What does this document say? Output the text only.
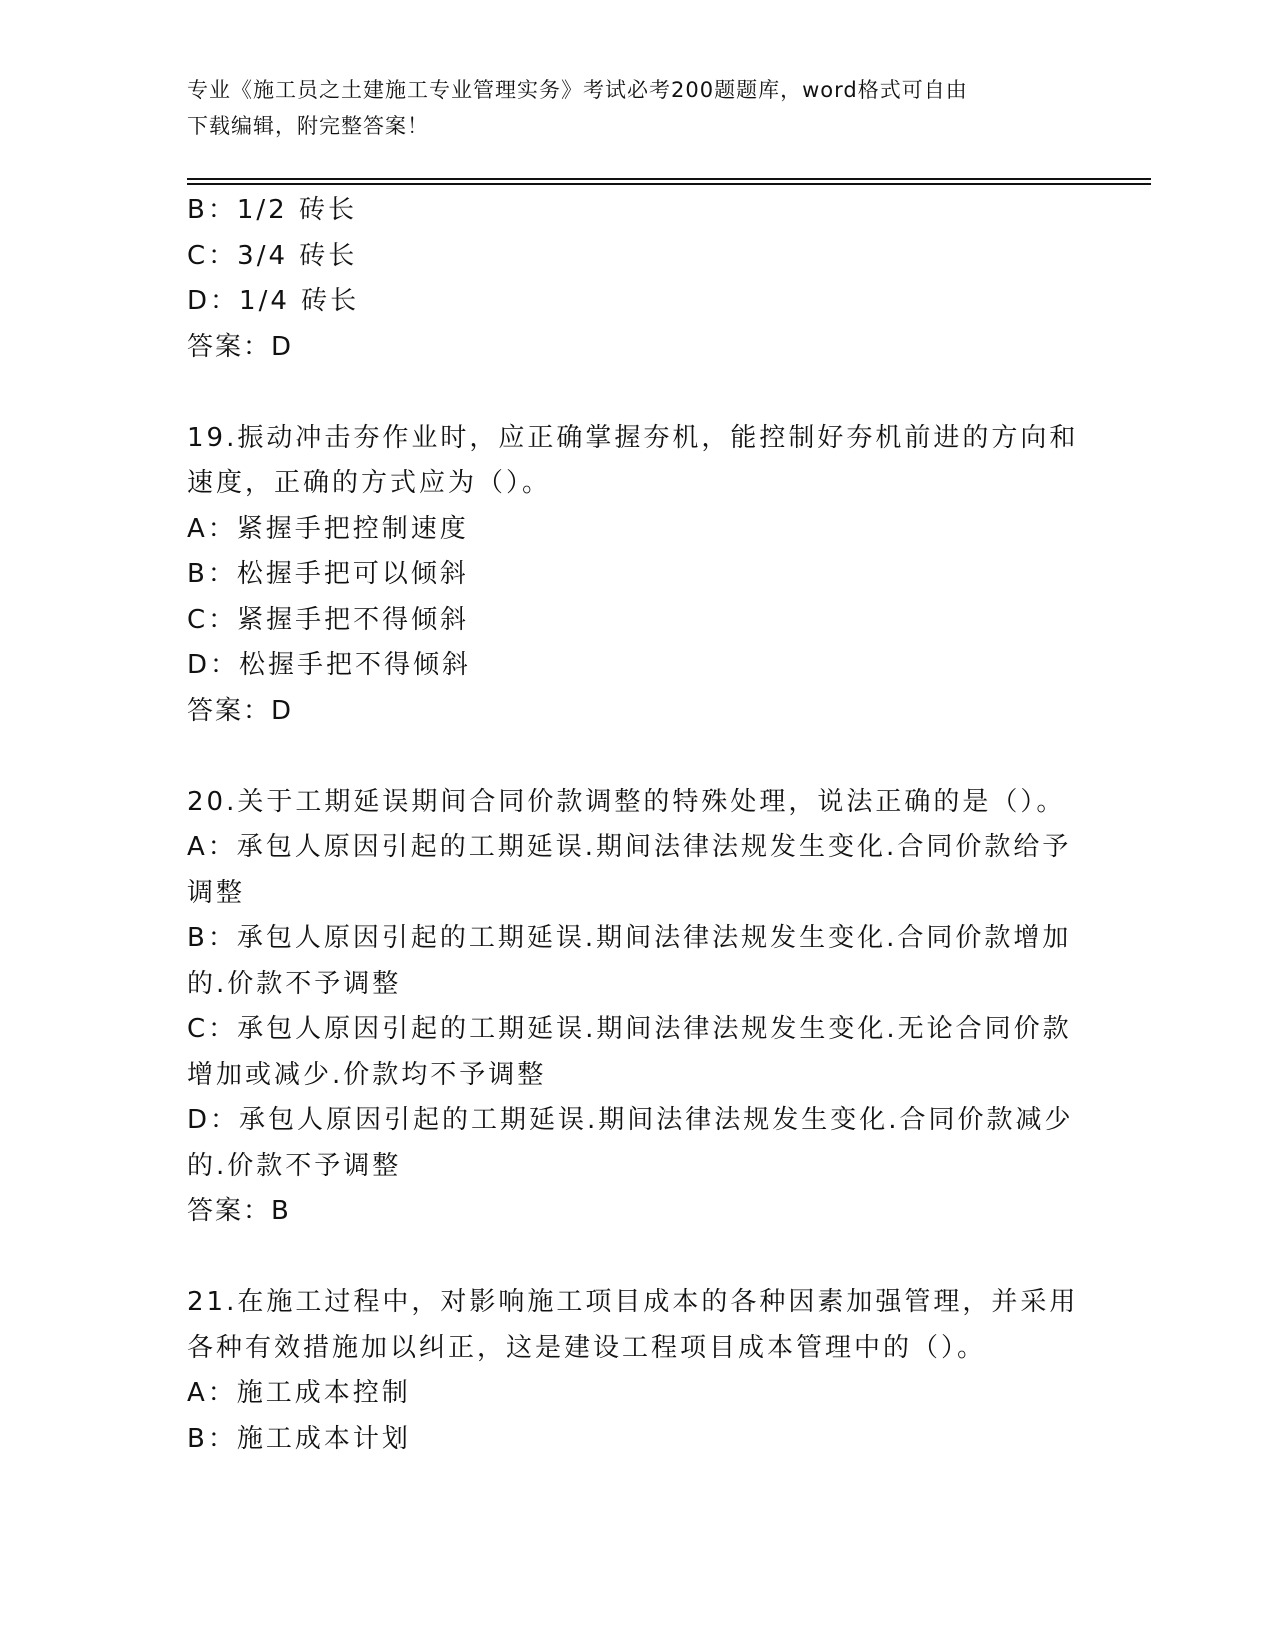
专业《施工员之土建施工专业管理实务》考试必考200题题库，word格式可自由
下载编辑，附完整答案！
B：1/2 砖长
C：3/4 砖长
D：1/4 砖长
答案：D
19.振动冲击夯作业时，应正确掌握夯机，能控制好夯机前进的方向和
速度，正确的方式应为（）。
A：紧握手把控制速度
B：松握手把可以倾斜
C：紧握手把不得倾斜
D：松握手把不得倾斜
答案：D
20.关于工期延误期间合同价款调整的特殊处理，说法正确的是（）。
A：承包人原因引起的工期延误.期间法律法规发生变化.合同价款给予
调整
B：承包人原因引起的工期延误.期间法律法规发生变化.合同价款增加
的.价款不予调整
C：承包人原因引起的工期延误.期间法律法规发生变化.无论合同价款
增加或减少.价款均不予调整
D：承包人原因引起的工期延误.期间法律法规发生变化.合同价款减少
的.价款不予调整
答案：B
21.在施工过程中，对影响施工项目成本的各种因素加强管理，并采用
各种有效措施加以纠正，这是建设工程项目成本管理中的（）。
A：施工成本控制
B：施工成本计划
